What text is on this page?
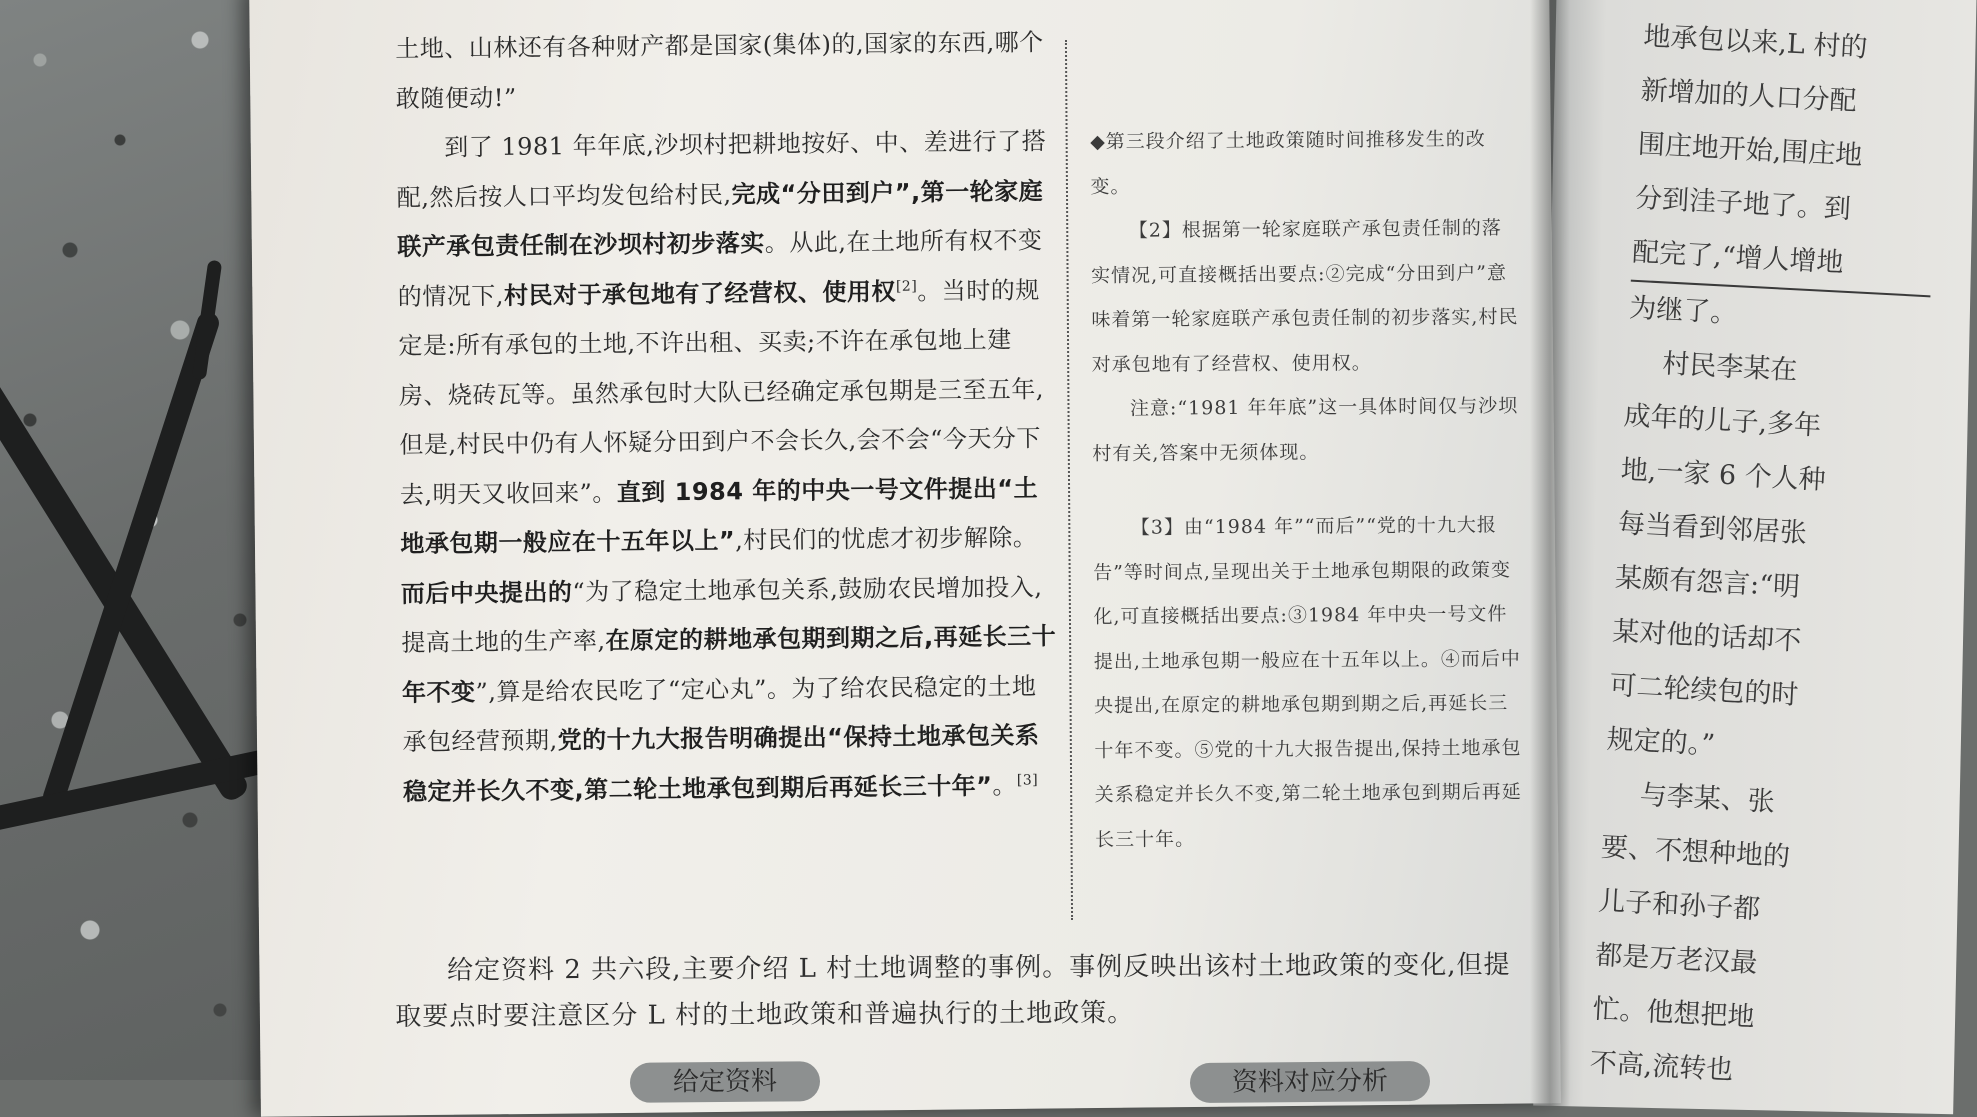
土地、山林还有各种财产都是国家(集体)的,国家的东西,哪个敢随便动!”

到了 1981 年年底,沙坝村把耕地按好、中、差进行了搭配,然后按人口平均发包给村民,完成“分田到户”,第一轮家庭联产承包责任制在沙坝村初步落实。从此,在土地所有权不变的情况下,村民对于承包地有了经营权、使用权[2]。当时的规定是:所有承包的土地,不许出租、买卖;不许在承包地上建房、烧砖瓦等。虽然承包时大队已经确定承包期是三至五年,但是,村民中仍有人怀疑分田到户不会长久,会不会“今天分下去,明天又收回来”。直到 1984 年的中央一号文件提出“土地承包期一般应在十五年以上”,村民们的忧虑才初步解除。而后中央提出的“为了稳定土地承包关系,鼓励农民增加投入,提高土地的生产率,在原定的耕地承包期到期之后,再延长三十年不变”,算是给农民吃了“定心丸”。为了给农民稳定的土地承包经营预期,党的十九大报告明确提出“保持土地承包关系稳定并长久不变,第二轮土地承包到期后再延长三十年”。[3]

◆第三段介绍了土地政策随时间推移发生的改变。

【2】根据第一轮家庭联产承包责任制的落实情况,可直接概括出要点:②完成“分田到户”意味着第一轮家庭联产承包责任制的初步落实,村民对承包地有了经营权、使用权。

注意:“1981 年年底”这一具体时间仅与沙坝村有关,答案中无须体现。

【3】由“1984 年”“而后”“党的十九大报告”等时间点,呈现出关于土地承包期限的政策变化,可直接概括出要点:③1984 年中央一号文件提出,土地承包期一般应在十五年以上。④而后中央提出,在原定的耕地承包期到期之后,再延长三十年不变。⑤党的十九大报告提出,保持土地承包关系稳定并长久不变,第二轮土地承包到期后再延长三十年。

给定资料 2 共六段,主要介绍 L 村土地调整的事例。事例反映出该村土地政策的变化,但提取要点时要注意区分 L 村的土地政策和普遍执行的土地政策。

给定资料	资料对应分析
地承包以来,L 村的
新增加的人口分配
围庄地开始,围庄地
分到洼子地了。到
配完了,“增人增地
为继了。
村民李某在
成年的儿子,多年
地,一家 6 个人种
每当看到邻居张
某颇有怨言:“明
某对他的话却不
可二轮续包的时
规定的。”
与李某、张
要、不想种地的
儿子和孙子都
都是万老汉最
忙。他想把地
不高,流转也
